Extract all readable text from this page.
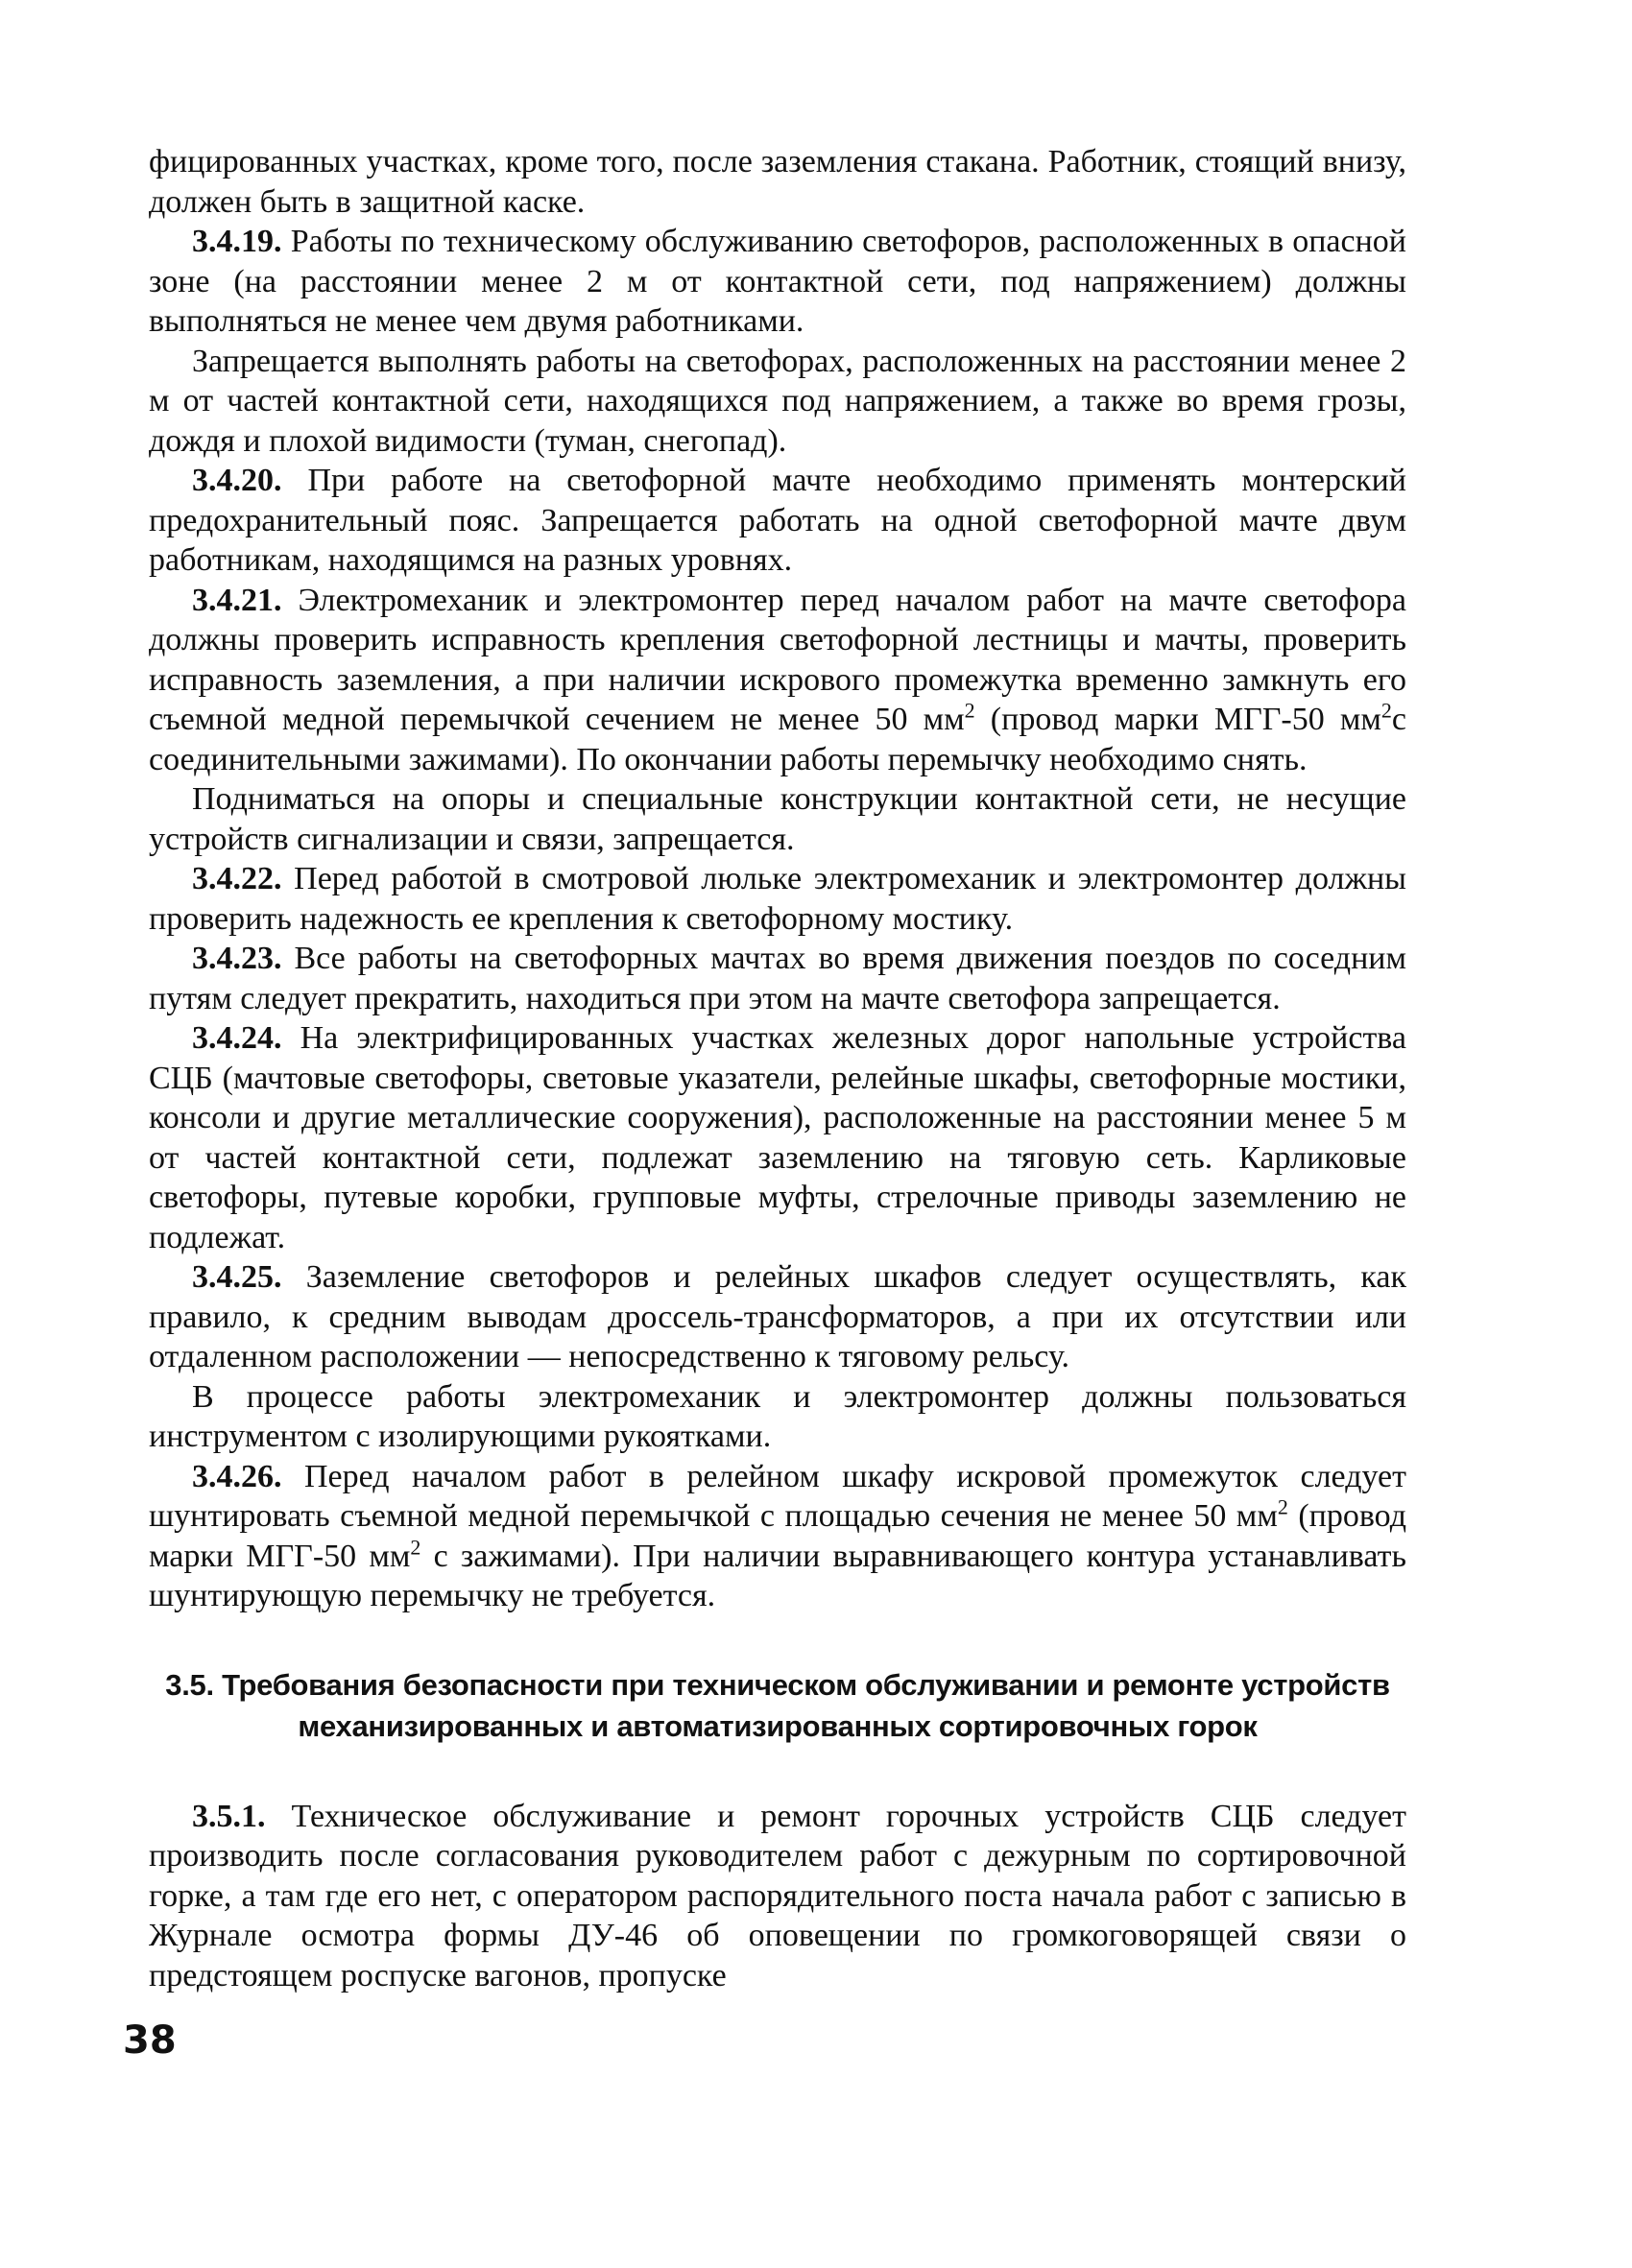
фицированных участках, кроме того, после заземления стакана. Работник, стоящий внизу, должен быть в защитной каске.

3.4.19. Работы по техническому обслуживанию светофоров, расположенных в опасной зоне (на расстоянии менее 2 м от контактной сети, под напряжением) должны выполняться не менее чем двумя работниками.

Запрещается выполнять работы на светофорах, расположенных на расстоянии менее 2 м от частей контактной сети, находящихся под напряжением, а также во время грозы, дождя и плохой видимости (туман, снегопад).

3.4.20. При работе на светофорной мачте необходимо применять монтерский предохранительный пояс. Запрещается работать на одной светофорной мачте двум работникам, находящимся на разных уровнях.

3.4.21. Электромеханик и электромонтер перед началом работ на мачте светофора должны проверить исправность крепления светофорной лестницы и мачты, проверить исправность заземления, а при наличии искрового промежутка временно замкнуть его съемной медной перемычкой сечением не менее 50 $мм^2$ (провод марки МГГ-50 $мм^2с$ соединительными зажимами). По окончании работы перемычку необходимо снять.

Подниматься на опоры и специальные конструкции контактной сети, не несущие устройств сигнализации и связи, запрещается.

3.4.22. Перед работой в смотровой люльке электромеханик и электромонтер должны проверить надежность ее крепления к светофорному мостику.

3.4.23. Все работы на светофорных мачтах во время движения поездов по соседним путям следует прекратить, находиться при этом на мачте светофора запрещается.

3.4.24. На электрифицированных участках железных дорог напольные устройства СЦБ (мачтовые светофоры, световые указатели, релейные шкафы, светофорные мостики, консоли и другие металлические сооружения), расположенные на расстоянии менее 5 м от частей контактной сети, подлежат заземлению на тяговую сеть. Карликовые светофоры, путевые коробки, групповые муфты, стрелочные приводы заземлению не подлежат.

3.4.25. Заземление светофоров и релейных шкафов следует осуществлять, как правило, к средним выводам дроссель-трансформаторов, а при их отсутствии или отдаленном расположении — непосредственно к тяговому рельсу.

В процессе работы электромеханик и электромонтер должны пользоваться инструментом с изолирующими рукоятками.

3.4.26. Перед началом работ в релейном шкафу искровой промежуток следует шунтировать съемной медной перемычкой с площадью сечения не менее 50 $мм^2$ (провод марки МГГ-50 $мм^2$ с зажимами). При наличии выравнивающего контура устанавливать шунтирующую перемычку не требуется.

3.5. Требования безопасности при техническом обслуживании и ремонте устройств механизированных и автоматизированных сортировочных горок

3.5.1. Техническое обслуживание и ремонт горочных устройств СЦБ следует производить после согласования руководителем работ с дежурным по сортировочной горке, а там где его нет, с оператором распорядительного поста начала работ с записью в Журнале осмотра формы ДУ-46 об оповещении по громкоговорящей связи о предстоящем роспуске вагонов, пропуске

38
